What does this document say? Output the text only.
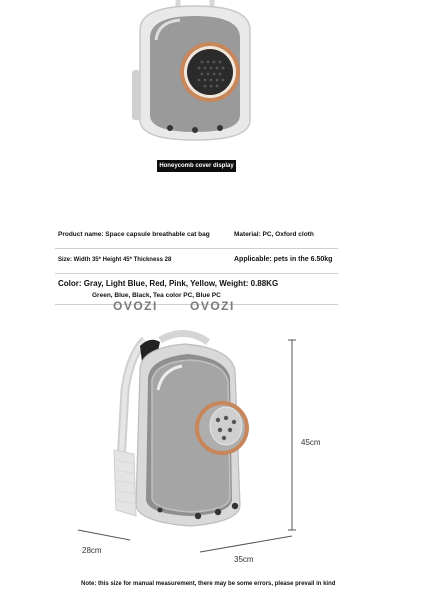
Honeycomb cover display
Product name: Space capsule breathable cat bag	Material: PC, Oxford cloth
Size: Width 35* Height 45* Thickness 28	Applicable: pets in the 6.50kg
Color: Gray, Light Blue, Red, Pink, Yellow, Weight: 0.88KG
Green, Blue, Black, Tea color PC, Blue PC
OVOZI	OVOZI
45cm
35cm
28cm
Note: this size for manual measurement, there may be some errors, please prevail in kind
